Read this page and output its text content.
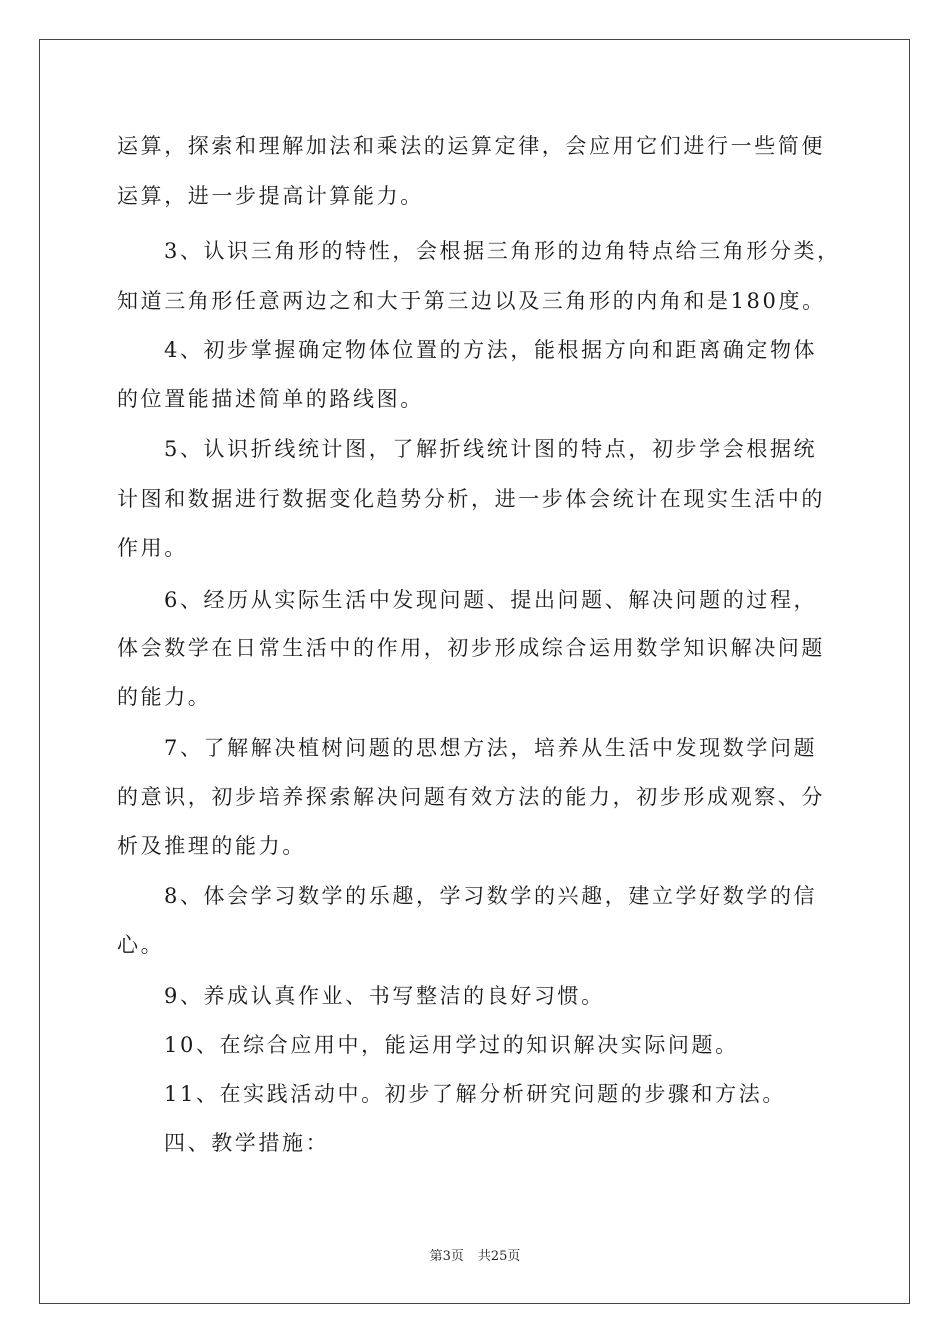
运算，探索和理解加法和乘法的运算定律，会应用它们进行一些简便
运算，进一步提高计算能力。
3、认识三角形的特性，会根据三角形的边角特点给三角形分类，
知道三角形任意两边之和大于第三边以及三角形的内角和是180度。
4、初步掌握确定物体位置的方法，能根据方向和距离确定物体
的位置能描述简单的路线图。
5、认识折线统计图，了解折线统计图的特点，初步学会根据统
计图和数据进行数据变化趋势分析，进一步体会统计在现实生活中的
作用。
6、经历从实际生活中发现问题、提出问题、解决问题的过程，
体会数学在日常生活中的作用，初步形成综合运用数学知识解决问题
的能力。
7、了解解决植树问题的思想方法，培养从生活中发现数学问题
的意识，初步培养探索解决问题有效方法的能力，初步形成观察、分
析及推理的能力。
8、体会学习数学的乐趣，学习数学的兴趣，建立学好数学的信
心。
9、养成认真作业、书写整洁的良好习惯。
10、在综合应用中，能运用学过的知识解决实际问题。
11、在实践活动中。初步了解分析研究问题的步骤和方法。
四、教学措施：
第3页 共25页
